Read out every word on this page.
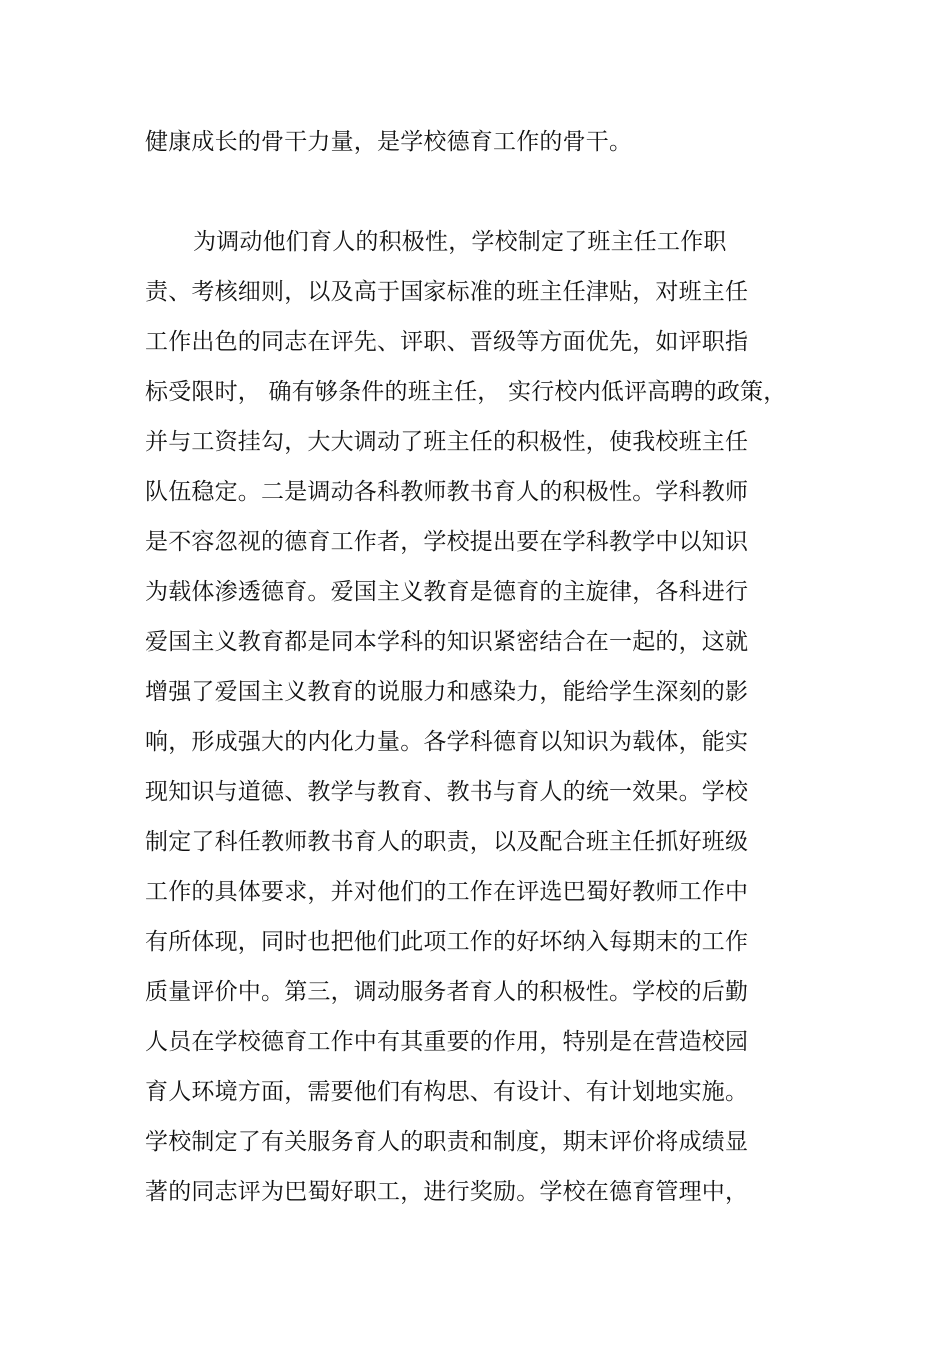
健康成长的骨干力量，是学校德育工作的骨干。
为调动他们育人的积极性，学校制定了班主任工作职
责、考核细则，以及高于国家标准的班主任津贴，对班主任
工作出色的同志在评先、评职、晋级等方面优先，如评职指
标受限时， 确有够条件的班主任， 实行校内低评高聘的政策，
并与工资挂勾，大大调动了班主任的积极性，使我校班主任
队伍稳定。二是调动各科教师教书育人的积极性。学科教师
是不容忽视的德育工作者，学校提出要在学科教学中以知识
为载体渗透德育。爱国主义教育是德育的主旋律，各科进行
爱国主义教育都是同本学科的知识紧密结合在一起的，这就
增强了爱国主义教育的说服力和感染力，能给学生深刻的影
响，形成强大的内化力量。各学科德育以知识为载体，能实
现知识与道德、教学与教育、教书与育人的统一效果。学校
制定了科任教师教书育人的职责，以及配合班主任抓好班级
工作的具体要求，并对他们的工作在评选巴蜀好教师工作中
有所体现，同时也把他们此项工作的好坏纳入每期末的工作
质量评价中。第三，调动服务者育人的积极性。学校的后勤
人员在学校德育工作中有其重要的作用，特别是在营造校园
育人环境方面，需要他们有构思、有设计、有计划地实施。
学校制定了有关服务育人的职责和制度，期末评价将成绩显
著的同志评为巴蜀好职工，进行奖励。学校在德育管理中，
